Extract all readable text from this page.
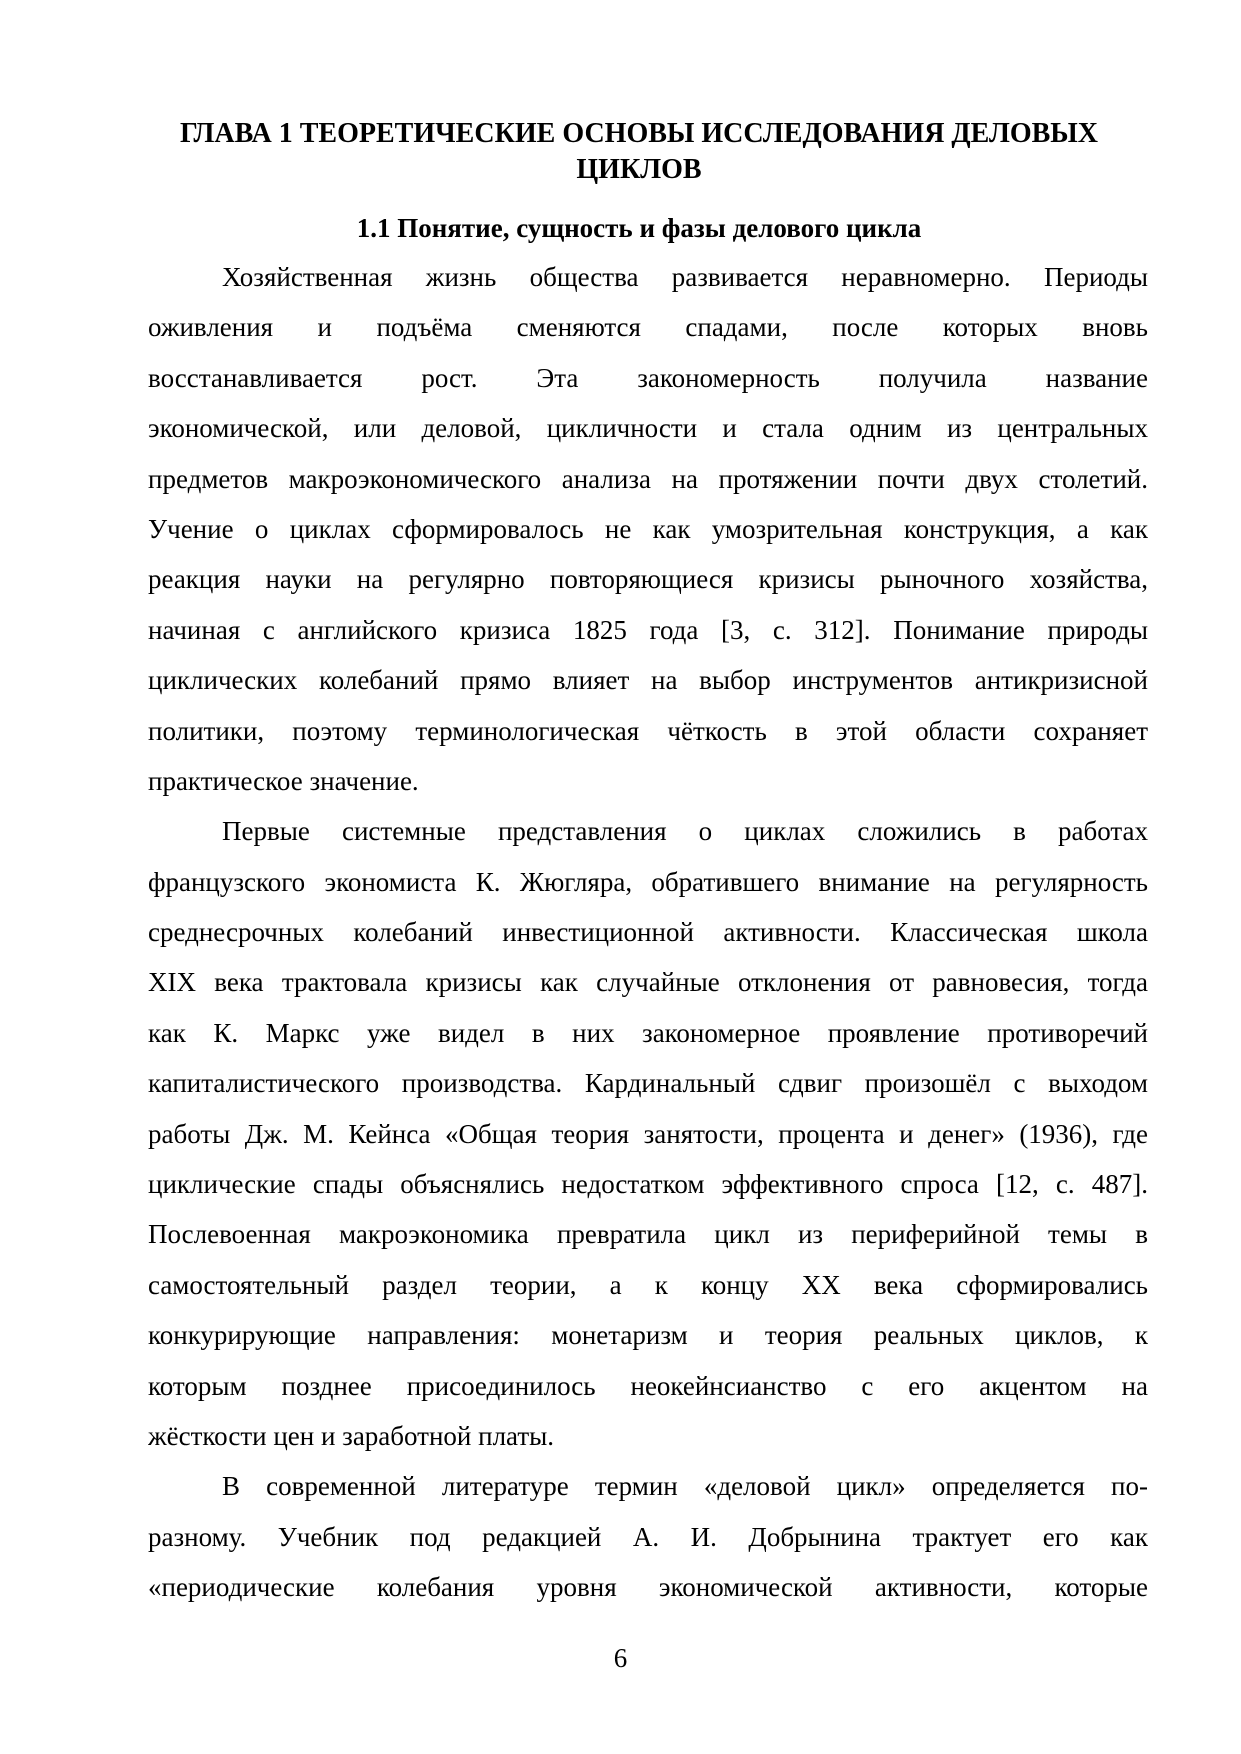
ГЛАВА 1 ТЕОРЕТИЧЕСКИЕ ОСНОВЫ ИССЛЕДОВАНИЯ ДЕЛОВЫХ
ЦИКЛОВ
1.1 Понятие, сущность и фазы делового цикла
Хозяйственная жизнь общества развивается неравномерно. Периоды
оживления и подъёма сменяются спадами, после которых вновь
восстанавливается рост. Эта закономерность получила название
экономической, или деловой, цикличности и стала одним из центральных
предметов макроэкономического анализа на протяжении почти двух столетий.
Учение о циклах сформировалось не как умозрительная конструкция, а как
реакция науки на регулярно повторяющиеся кризисы рыночного хозяйства,
начиная с английского кризиса 1825 года [3, с. 312]. Понимание природы
циклических колебаний прямо влияет на выбор инструментов антикризисной
политики, поэтому терминологическая чёткость в этой области сохраняет
практическое значение.
Первые системные представления о циклах сложились в работах
французского экономиста К. Жюгляра, обратившего внимание на регулярность
среднесрочных колебаний инвестиционной активности. Классическая школа
XIX века трактовала кризисы как случайные отклонения от равновесия, тогда
как К. Маркс уже видел в них закономерное проявление противоречий
капиталистического производства. Кардинальный сдвиг произошёл с выходом
работы Дж. М. Кейнса «Общая теория занятости, процента и денег» (1936), где
циклические спады объяснялись недостатком эффективного спроса [12, с. 487].
Послевоенная макроэкономика превратила цикл из периферийной темы в
самостоятельный раздел теории, а к концу XX века сформировались
конкурирующие направления: монетаризм и теория реальных циклов, к
которым позднее присоединилось неокейнсианство с его акцентом на
жёсткости цен и заработной платы.
В современной литературе термин «деловой цикл» определяется по-
разному. Учебник под редакцией А. И. Добрынина трактует его как
«периодические колебания уровня экономической активности, которые
6
